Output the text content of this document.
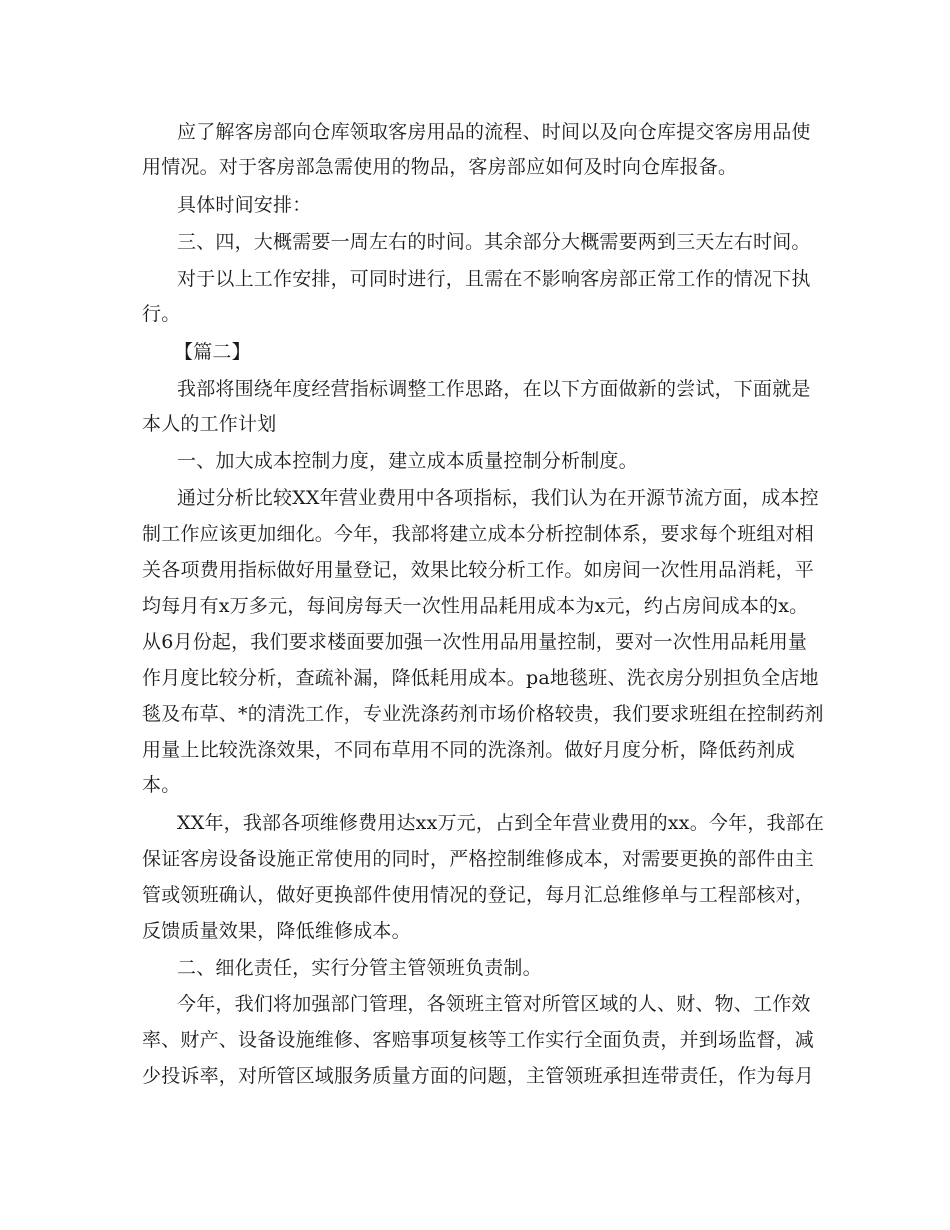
应了解客房部向仓库领取客房用品的流程、时间以及向仓库提交客房用品使
用情况。对于客房部急需使用的物品，客房部应如何及时向仓库报备。
具体时间安排：
三、四，大概需要一周左右的时间。其余部分大概需要两到三天左右时间。
对于以上工作安排，可同时进行，且需在不影响客房部正常工作的情况下执
行。
【篇二】
我部将围绕年度经营指标调整工作思路，在以下方面做新的尝试，下面就是
本人的工作计划
一、加大成本控制力度，建立成本质量控制分析制度。
通过分析比较XX年营业费用中各项指标，我们认为在开源节流方面，成本控
制工作应该更加细化。今年，我部将建立成本分析控制体系，要求每个班组对相
关各项费用指标做好用量登记，效果比较分析工作。如房间一次性用品消耗，平
均每月有x万多元，每间房每天一次性用品耗用成本为x元，约占房间成本的x。
从6月份起，我们要求楼面要加强一次性用品用量控制，要对一次性用品耗用量
作月度比较分析，查疏补漏，降低耗用成本。pa地毯班、洗衣房分别担负全店地
毯及布草、*的清洗工作，专业洗涤药剂市场价格较贵，我们要求班组在控制药剂
用量上比较洗涤效果，不同布草用不同的洗涤剂。做好月度分析，降低药剂成
本。
XX年，我部各项维修费用达xx万元，占到全年营业费用的xx。今年，我部在
保证客房设备设施正常使用的同时，严格控制维修成本，对需要更换的部件由主
管或领班确认，做好更换部件使用情况的登记，每月汇总维修单与工程部核对，
反馈质量效果，降低维修成本。
二、细化责任，实行分管主管领班负责制。
今年，我们将加强部门管理，各领班主管对所管区域的人、财、物、工作效
率、财产、设备设施维修、客赔事项复核等工作实行全面负责，并到场监督，减
少投诉率，对所管区域服务质量方面的问题，主管领班承担连带责任，作为每月
